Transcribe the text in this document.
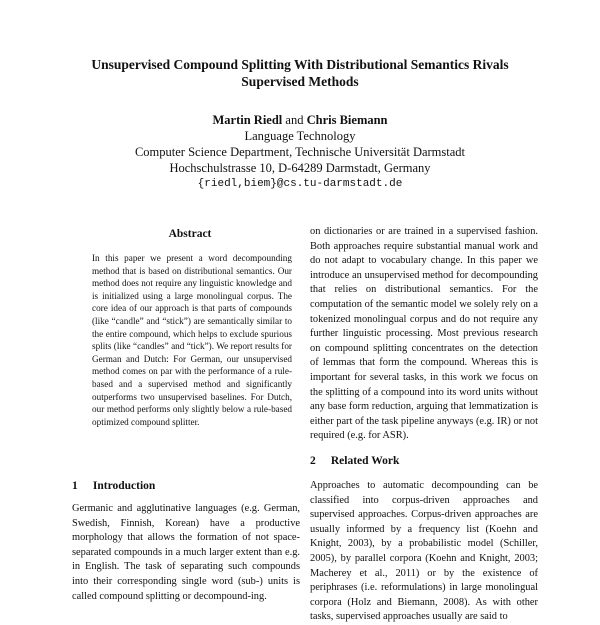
Unsupervised Compound Splitting With Distributional Semantics Rivals Supervised Methods
Martin Riedl and Chris Biemann
Language Technology
Computer Science Department, Technische Universität Darmstadt
Hochschulstrasse 10, D-64289 Darmstadt, Germany
{riedl,biem}@cs.tu-darmstadt.de
Abstract

In this paper we present a word decompounding method that is based on distributional semantics. Our method does not require any linguistic knowledge and is initialized using a large monolingual corpus. The core idea of our approach is that parts of compounds (like “candle” and “stick”) are semantically similar to the entire compound, which helps to exclude spurious splits (like “candles” and “tick”). We report results for German and Dutch: For German, our unsupervised method comes on par with the performance of a rule-based and a supervised method and significantly outperforms two unsupervised baselines. For Dutch, our method performs only slightly below a rule-based optimized compound splitter.

1 Introduction

Germanic and agglutinative languages (e.g. German, Swedish, Finnish, Korean) have a productive morphology that allows the formation of not space-separated compounds in a much larger extent than e.g. in English. The task of separating such compounds into their corresponding single word (sub-) units is called compound splitting or decompound-ing.

on dictionaries or are trained in a supervised fashion. Both approaches require substantial manual work and do not adapt to vocabulary change. In this paper we introduce an unsupervised method for decompounding that relies on distributional semantics. For the computation of the semantic model we solely rely on a tokenized monolingual corpus and do not require any further linguistic processing. Most previous research on compound splitting concentrates on the detection of lemmas that form the compound. Whereas this is important for several tasks, in this work we focus on the splitting of a compound into its word units without any base form reduction, arguing that lemmatization is either part of the task pipeline anyways (e.g. IR) or not required (e.g. for ASR).

2 Related Work

Approaches to automatic decompounding can be classified into corpus-driven approaches and supervised approaches. Corpus-driven approaches are usually informed by a frequency list (Koehn and Knight, 2003), by a probabilistic model (Schiller, 2005), by parallel corpora (Koehn and Knight, 2003; Macherey et al., 2011) or by the existence of periphrases (i.e. reformulations) in large monolingual corpora (Holz and Biemann, 2008). As with other tasks, supervised approaches usually are said to
